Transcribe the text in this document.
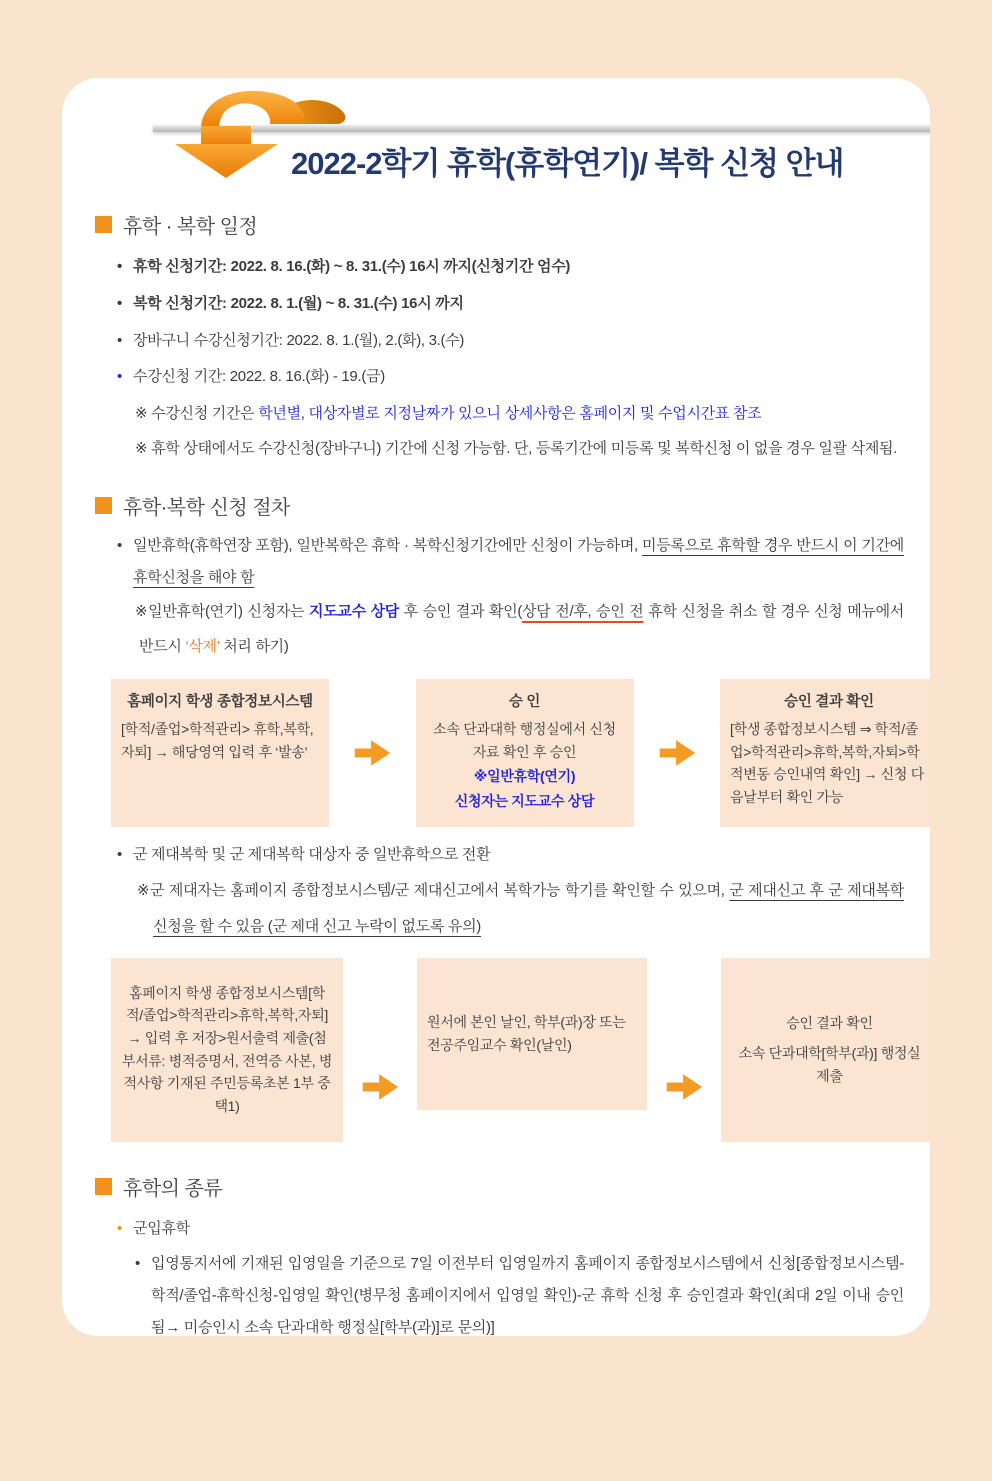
2022-2학기 휴학(휴학연기)/ 복학 신청 안내
휴학 · 복학 일정
• 휴학 신청기간: 2022. 8. 16.(화) ~ 8. 31.(수) 16시 까지(신청기간 엄수)
• 복학 신청기간: 2022. 8. 1.(월) ~ 8. 31.(수) 16시 까지
• 장바구니 수강신청기간: 2022. 8. 1.(월), 2.(화), 3.(수)
• 수강신청 기간: 2022. 8. 16.(화) - 19.(금)
※ 수강신청 기간은 학년별, 대상자별로 지정날짜가 있으니 상세사항은 홈페이지 및 수업시간표 참조
※ 휴학 상태에서도 수강신청(장바구니) 기간에 신청 가능함. 단, 등록기간에 미등록 및 복학신청 이 없을 경우 일괄 삭제됨.
휴학·복학 신청 절차
• 일반휴학(휴학연장 포함), 일반복학은 휴학 · 복학신청기간에만 신청이 가능하며, 미등록으로 휴학할 경우 반드시 이 기간에 휴학신청을 해야 함
※일반휴학(연기) 신청자는 지도교수 상담 후 승인 결과 확인(상담 전/후, 승인 전 휴학 신청을 취소 할 경우 신청 메뉴에서 반드시 ‘삭제’ 처리 하기)
홈페이지 학생 종합정보시스템
[학적/졸업>학적관리> 휴학,복학,자퇴] → 해당영역 입력 후 ‘발송’
승 인
소속 단과대학 행정실에서 신청 자료 확인 후 승인
※일반휴학(연기)
신청자는 지도교수 상담
승인 결과 확인
[학생 종합정보시스템 ⇒ 학적/졸업>학적관리>휴학,복학,자퇴>학적변동 승인내역 확인] → 신청 다음날부터 확인 가능
• 군 제대복학 및 군 제대복학 대상자 중 일반휴학으로 전환
※군 제대자는 홈페이지 종합정보시스템/군 제대신고에서 복학가능 학기를 확인할 수 있으며, 군 제대신고 후 군 제대복학신청을 할 수 있음 (군 제대 신고 누락이 없도록 유의)
홈페이지 학생 종합정보시스템[학적/졸업>학적관리>휴학,복학,자퇴] → 입력 후 저장>원서출력 제출(첨부서류: 병적증명서, 전역증 사본, 병적사항 기재된 주민등록초본 1부 중 택1)
원서에 본인 날인, 학부(과)장 또는 전공주임교수 확인(날인)
승인 결과 확인
소속 단과대학[학부(과)] 행정실 제출
휴학의 종류
• 군입휴학
• 입영통지서에 기재된 입영일을 기준으로 7일 이전부터 입영일까지 홈페이지 종합정보시스템에서 신청[종합정보시스템-학적/졸업-휴학신청-입영일 확인(병무청 홈페이지에서 입영일 확인)-군 휴학 신청 후 승인결과 확인(최대 2일 이내 승인됨→ 미승인시 소속 단과대학 행정실[학부(과)]로 문의)]
